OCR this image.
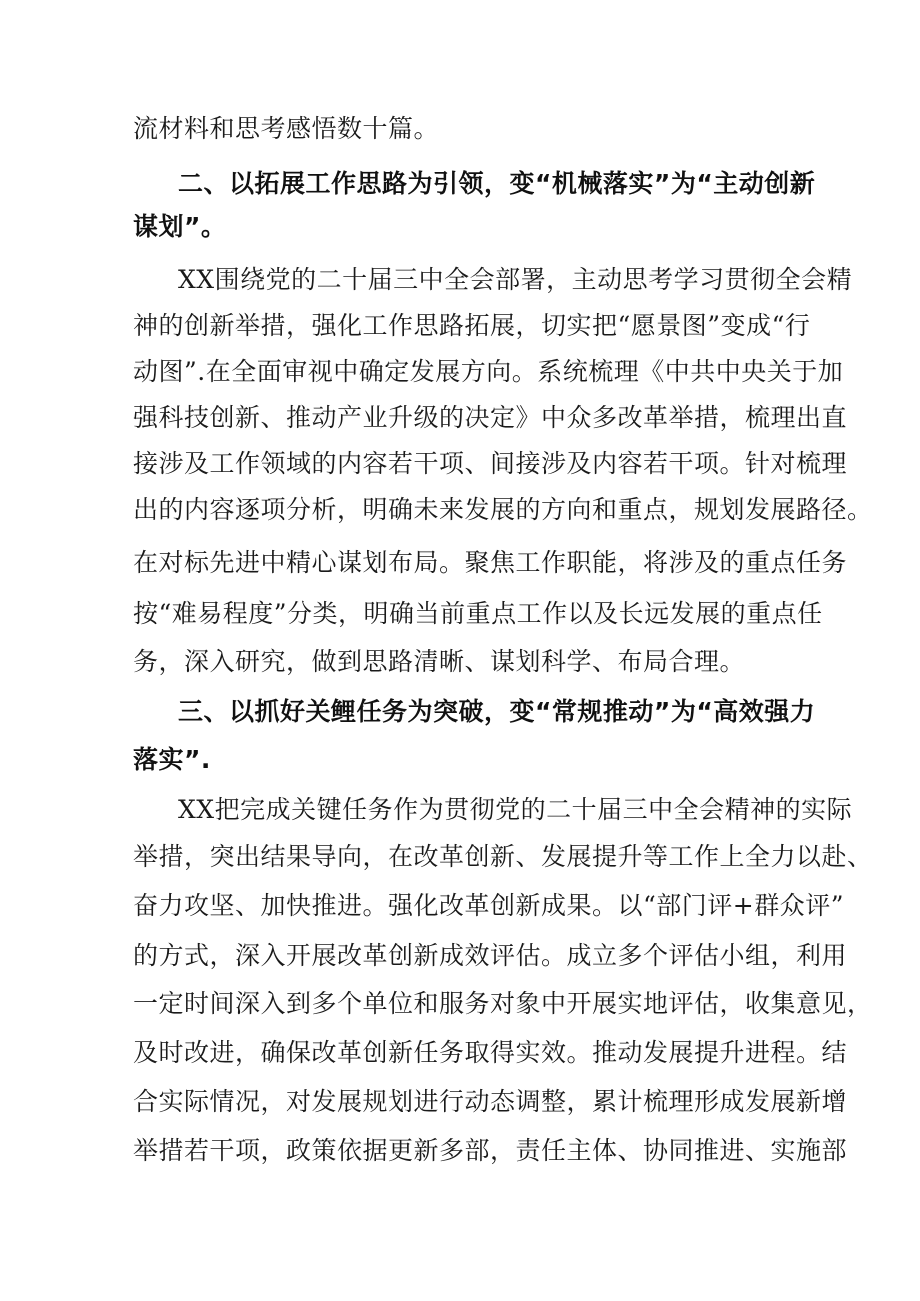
流材料和思考感悟数十篇。

二、以拓展工作思路为引领，变“机械落实”为“主动创新

谋划”。

XX围绕党的二十届三中全会部署，主动思考学习贯彻全会精

神的创新举措，强化工作思路拓展，切实把“愿景图”变成“行

动图”.在全面审视中确定发展方向。系统梳理《中共中央关于加

强科技创新、推动产业升级的决定》中众多改革举措，梳理出直

接涉及工作领域的内容若干项、间接涉及内容若干项。针对梳理

出的内容逐项分析，明确未来发展的方向和重点，规划发展路径。

在对标先进中精心谋划布局。聚焦工作职能，将涉及的重点任务

按“难易程度”分类，明确当前重点工作以及长远发展的重点任

务，深入研究，做到思路清晰、谋划科学、布局合理。

三、以抓好关鲤任务为突破，变“常规推动”为“高效强力

落实”.

XX把完成关键任务作为贯彻党的二十届三中全会精神的实际

举措，突出结果导向，在改革创新、发展提升等工作上全力以赴、

奋力攻坚、加快推进。强化改革创新成果。以“部门评+群众评”

的方式，深入开展改革创新成效评估。成立多个评估小组，利用

一定时间深入到多个单位和服务对象中开展实地评估，收集意见，

及时改进，确保改革创新任务取得实效。推动发展提升进程。结

合实际情况，对发展规划进行动态调整，累计梳理形成发展新增

举措若干项，政策依据更新多部，责任主体、协同推进、实施部
